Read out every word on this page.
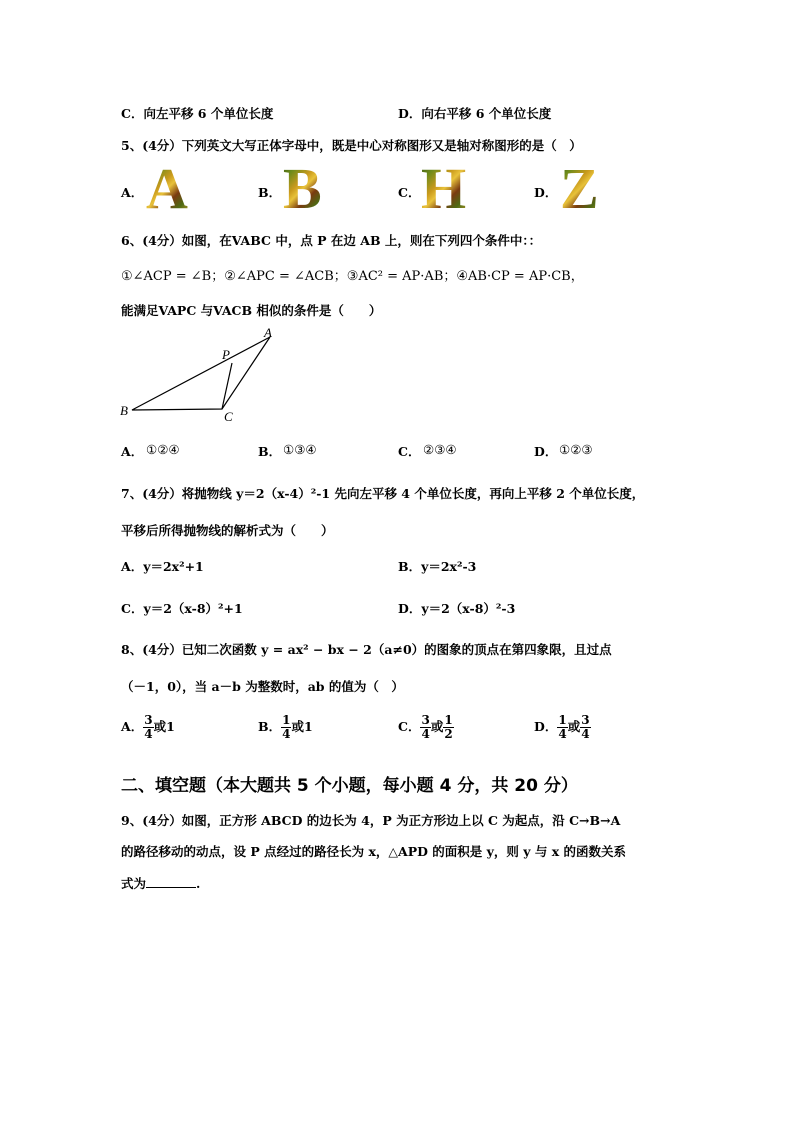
C．向左平移 6 个单位长度	D．向右平移 6 个单位长度
5、(4分）下列英文大写正体字母中，既是中心对称图形又是轴对称图形的是（　）
A． A	B． B	C． H	D． Z
6、(4分）如图，在VABC 中，点 P 在边 AB 上，则在下列四个条件中：：
①∠ACP = ∠B；②∠APC = ∠ACB；③AC² = AP·AB；④AB·CP = AP·CB，
能满足VAPC 与VACB 相似的条件是（　　）
A
P
B	C
A． ①②④	B． ①③④	C． ②③④	D． ①②③
7、(4分）将抛物线 y＝2（x-4）²-1 先向左平移 4 个单位长度，再向上平移 2 个单位长度，
平移后所得抛物线的解析式为（　　）
A．y＝2x²+1	B．y＝2x²-3
C．y＝2（x-8）²+1	D．y＝2（x-8）²-3
8、(4分）已知二次函数 y = ax² − bx − 2（a≠0）的图象的顶点在第四象限，且过点
（－1，0），当 a－b 为整数时，ab 的值为（　）
A． $\frac{3}{4}$ 或1	B． $\frac{1}{4}$ 或1	C． $\frac{3}{4}$ 或 $\frac{1}{2}$	D． $\frac{1}{4}$ 或 $\frac{3}{4}$
二、填空题（本大题共 5 个小题，每小题 4 分，共 20 分）
9、(4分）如图，正方形 ABCD 的边长为 4，P 为正方形边上以 C 为起点，沿 C→B→A
的路径移动的动点，设 P 点经过的路径长为 x，△APD 的面积是 y，则 y 与 x 的函数关系
式为	.
